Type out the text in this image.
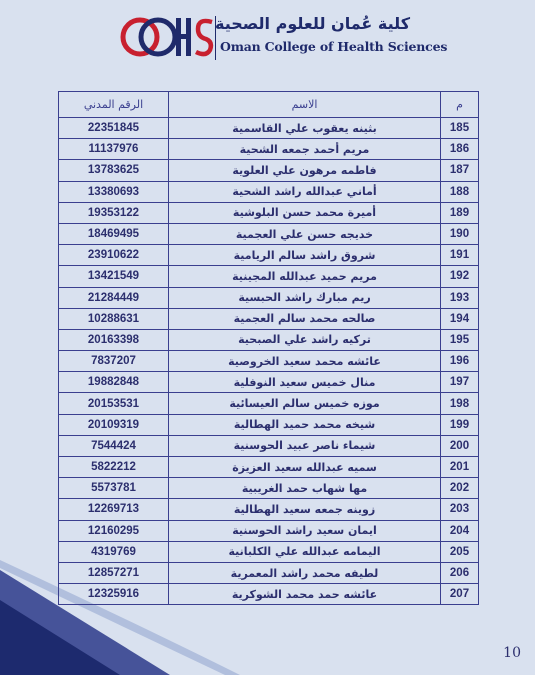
كلية عُمان للعلوم الصحية
Oman College of Health Sciences
م	الاسم	الرقم المدني
185	بثينه يعقوب علي القاسمية	22351845
186	مريم أحمد جمعه الشحية	11137976
187	فاطمه مرهون علي العلوية	13783625
188	أماني عبدالله راشد الشحية	13380693
189	أميرة محمد حسن البلوشية	19353122
190	خديجه حسن علي العجمية	18469495
191	شروق راشد سالم الريامية	23910622
192	مريم حميد عبدالله المجينية	13421549
193	ريم مبارك راشد الحبسية	21284449
194	صالحه محمد سالم العجمية	10288631
195	تركيه راشد علي الصبحية	20163398
196	عائشه محمد سعيد الخروصية	7837207
197	منال خميس سعيد النوفلية	19882848
198	موزه خميس سالم العيسائية	20153531
199	شيخه محمد حميد الهطالية	20109319
200	شيماء ناصر عبيد الحوسنية	7544424
201	سميه عبدالله سعيد العزيزة	5822212
202	مها شهاب حمد الغريبية	5573781
203	زوينه جمعه سعيد الهطالية	12269713
204	ايمان سعيد راشد الحوسنية	12160295
205	اليمامه عبدالله علي الكلبانية	4319769
206	لطيفه محمد راشد المعمرية	12857271
207	عائشه حمد محمد الشوكرية	12325916
10
